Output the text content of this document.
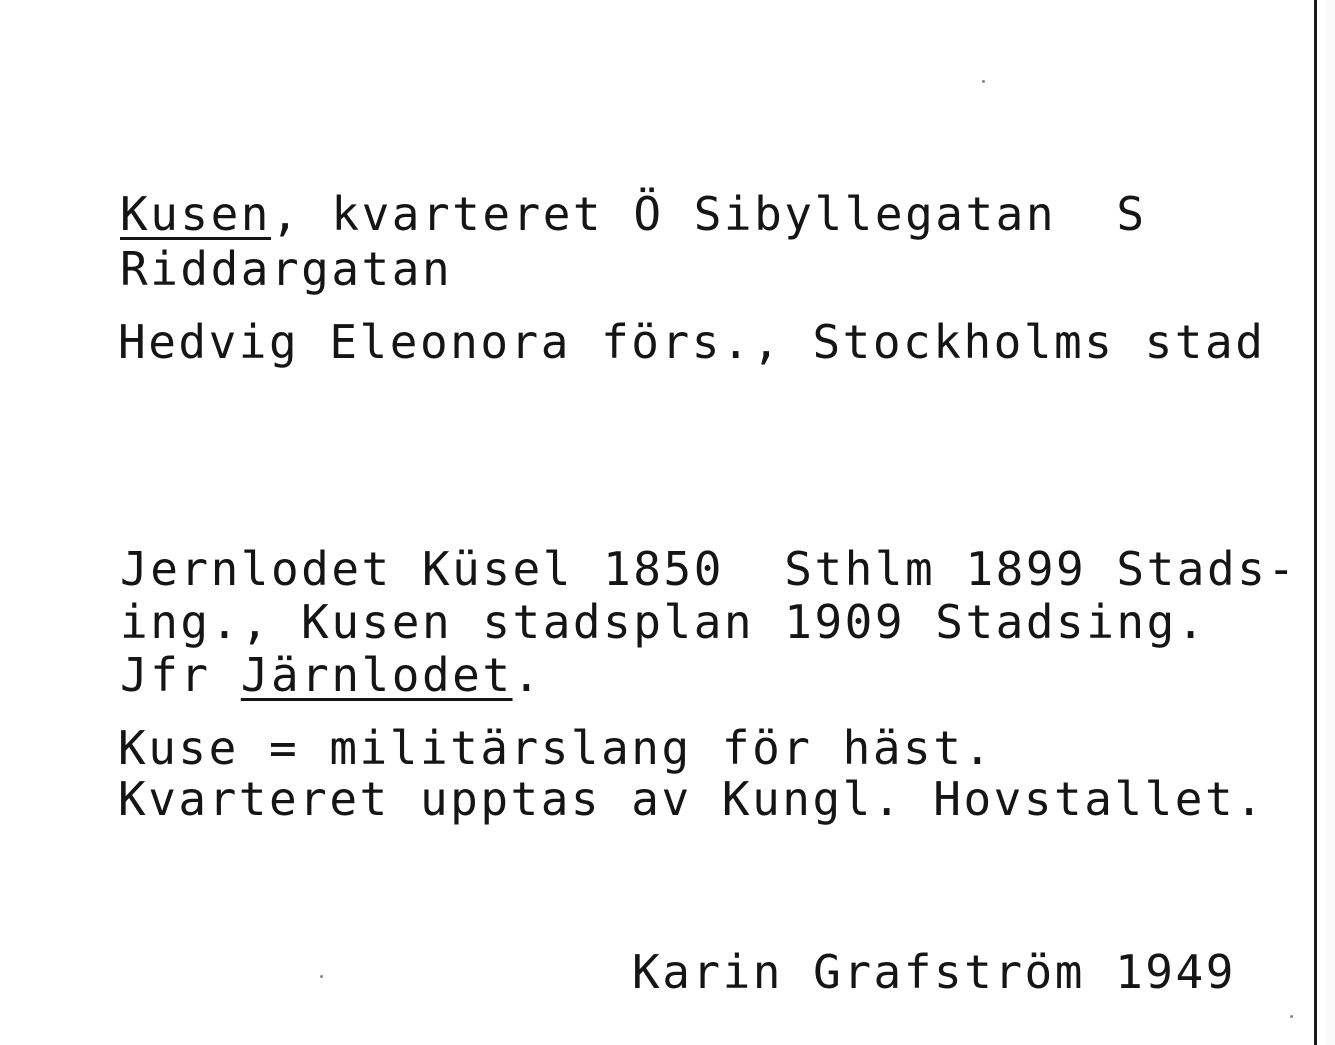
Kusen, kvarteret Ö Sibyllegatan  S
Riddargatan
Hedvig Eleonora förs., Stockholms stad
Jernlodet Küsel 1850  Sthlm 1899 Stads-
ing., Kusen stadsplan 1909 Stadsing.
Jfr Järnlodet.
Kuse = militärslang för häst.
Kvarteret upptas av Kungl. Hovstallet.
Karin Grafström 1949
